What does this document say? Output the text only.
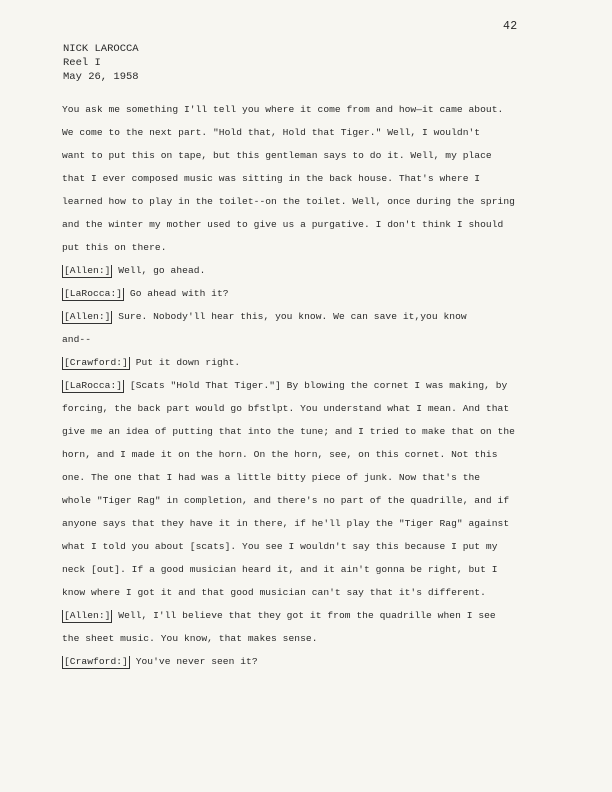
42
NICK LAROCCA
Reel I
May 26, 1958
You ask me something I'll tell you where it come from and how—it came about.
We come to the next part. "Hold that, Hold that Tiger." Well, I wouldn't
want to put this on tape, but this gentleman says to do it. Well, my place
that I ever composed music was sitting in the back house. That's where I
learned how to play in the toilet--on the toilet. Well, once during the spring
and the winter my mother used to give us a purgative. I don't think I should
put this on there.
[Allen:] Well, go ahead.
[LaRocca:] Go ahead with it?
[Allen:] Sure. Nobody'll hear this, you know. We can save it,you know
and--
[Crawford:] Put it down right.
[LaRocca:] [Scats "Hold That Tiger."] By blowing the cornet I was making, by
forcing, the back part would go bfstlpt. You understand what I mean. And that
give me an idea of putting that into the tune; and I tried to make that on the
horn, and I made it on the horn. On the horn, see, on this cornet. Not this
one. The one that I had was a little bitty piece of junk. Now that's the
whole "Tiger Rag" in completion, and there's no part of the quadrille, and if
anyone says that they have it in there, if he'll play the "Tiger Rag" against
what I told you about [scats]. You see I wouldn't say this because I put my
neck [out]. If a good musician heard it, and it ain't gonna be right, but I
know where I got it and that good musician can't say that it's different.
[Allen:] Well, I'll believe that they got it from the quadrille when I see
the sheet music. You know, that makes sense.
[Crawford:] You've never seen it?
